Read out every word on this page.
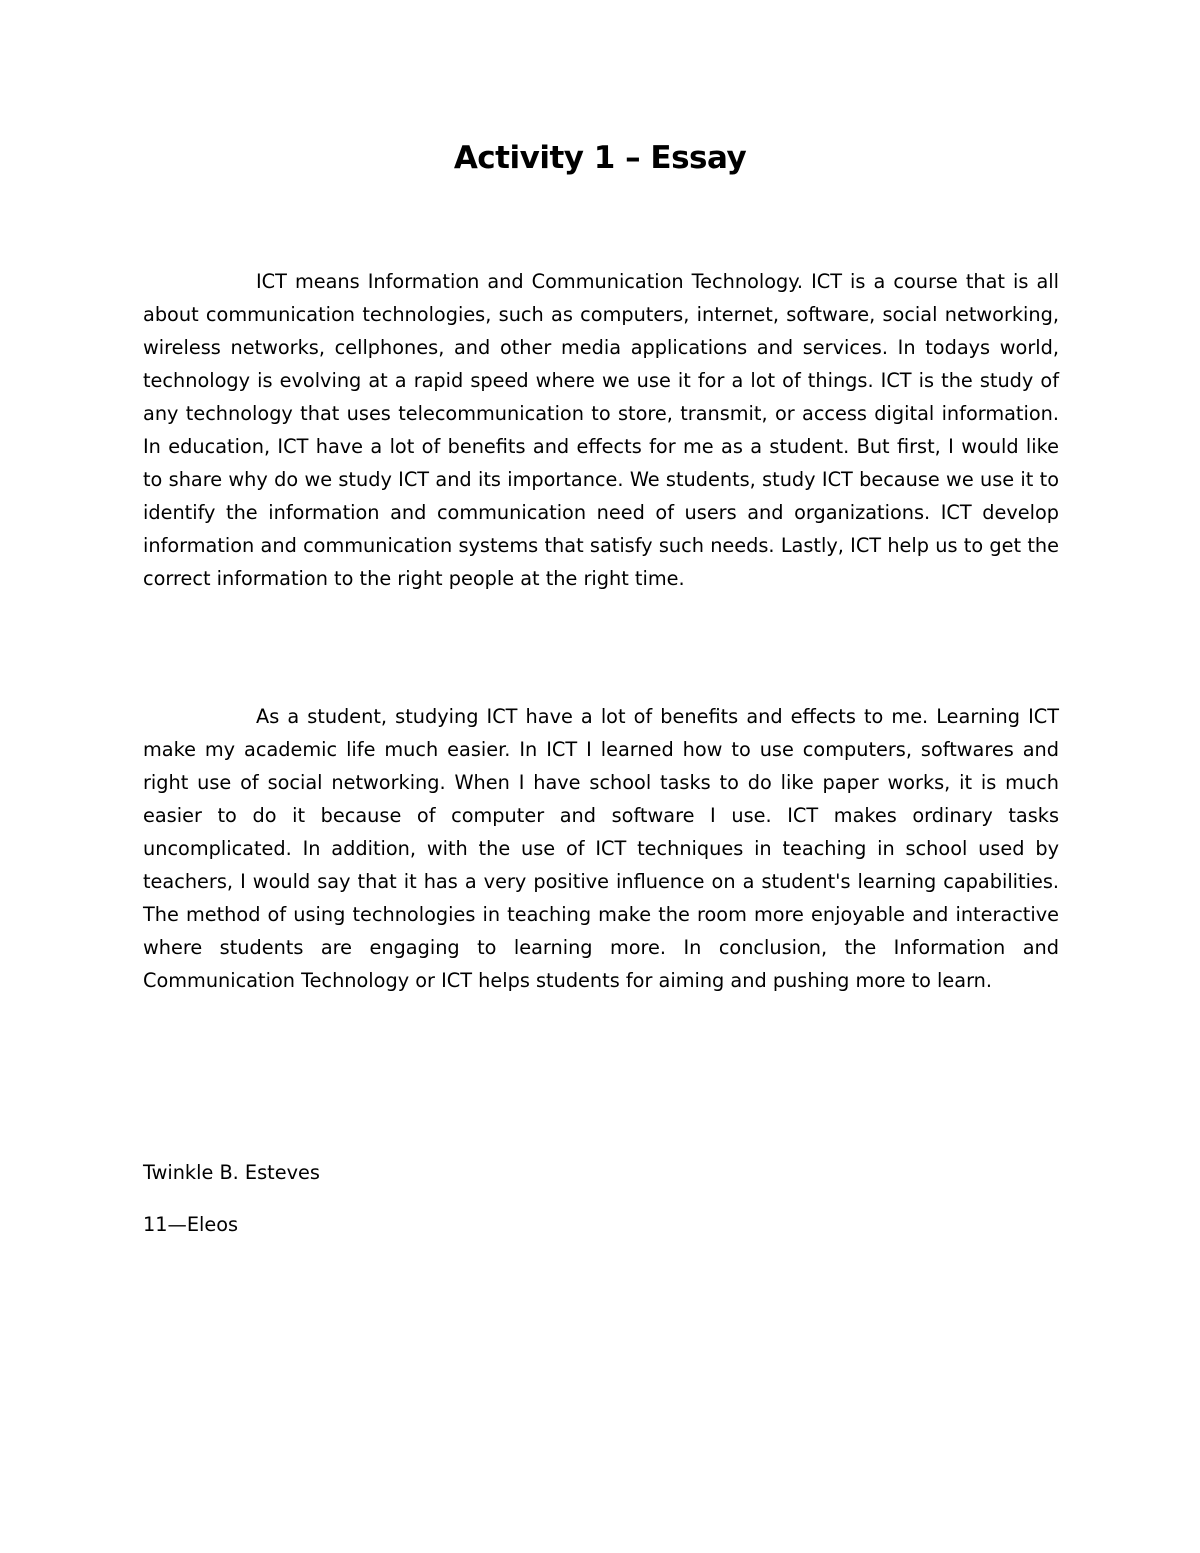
Activity 1 – Essay

ICT means Information and Communication Technology. ICT is a course that is all about communication technologies, such as computers, internet, software, social networking, wireless networks, cellphones, and other media applications and services. In todays world, technology is evolving at a rapid speed where we use it for a lot of things. ICT is the study of any technology that uses telecommunication to store, transmit, or access digital information. In education, ICT have a lot of benefits and effects for me as a student. But first, I would like to share why do we study ICT and its importance. We students, study ICT because we use it to identify the information and communication need of users and organizations. ICT develop information and communication systems that satisfy such needs. Lastly, ICT help us to get the correct information to the right people at the right time.

As a student, studying ICT have a lot of benefits and effects to me. Learning ICT make my academic life much easier. In ICT I learned how to use computers, softwares and right use of social networking. When I have school tasks to do like paper works, it is much easier to do it because of computer and software I use. ICT makes ordinary tasks uncomplicated. In addition, with the use of ICT techniques in teaching in school used by teachers, I would say that it has a very positive influence on a student's learning capabilities. The method of using technologies in teaching make the room more enjoyable and interactive where students are engaging to learning more. In conclusion, the Information and Communication Technology or ICT helps students for aiming and pushing more to learn.

Twinkle B. Esteves

11—Eleos
